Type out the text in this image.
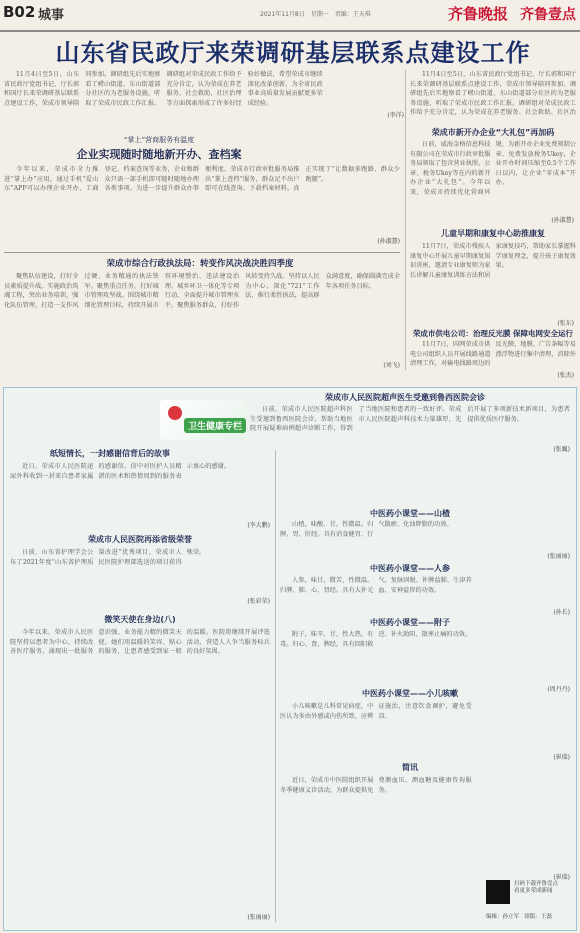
B02 城事	2021年11月8日　星期一　责编：王天琪	齐鲁晚报 齐鲁壹点
山东省民政厅来荣调研基层联系点建设工作

11月4日至5日，山东省民政厅党组书记、厅长郭和国厅长来荣调研基层联系点建设工作，荣成市领导陪同参加。调研组先后实地察看了崂山街道、东山街道部分社区的为老服务设施，听取了荣成市民政工作汇报。调研组对荣成民政工作给予充分肯定，认为荣成在养老服务、社会救助、社区治理等方面探索形成了许多好经验好做法，希望荣成市继续深化改革创新，为全省民政事业高质量发展贡献更多荣成经验。

(李洋)
“掌上”营商服务有温度
企业实现随时随地新开办、查档案

今年以来，荣成市全力推进“掌上办”应用，通过手机“爱山东”APP可以办理企业开办、工商登记、档案查询等业务，企业和群众只需一部手机即可随时随地办理各类事项。为进一步提升群众办事便利度，荣成市行政审批服务局推出“掌上查档”服务，群众足不出户即可在线查询、下载档案材料，真正实现了“让数据多跑路、群众少跑腿”。

(孙淑慧)
荣成市综合行政执法局：转变作风决战决胜四季度

聚焦队伍建设，打好全员素质提升战。实施政治筑魂工程，突出业务培训，强化队伍管理，打造一支作风过硬、业务精通的执法铁军。聚焦重点任务，打好城市管理攻坚战。围绕城市精细化管理目标，持续开展市容环境整治、违法建设治理、城乡环卫一体化等专项行动，全面提升城市管理水平。聚焦服务群众，打好作风转变持久战。坚持以人民为中心，深化“721”工作法，推行柔性执法，提高群众满意度，确保圆满完成全年各项任务目标。

(刘飞)

11月4日至5日，山东省民政厅党组书记、厅长郭和国厅长来荣调研基层联系点建设工作，荣成市领导陪同参加。调研组先后实地察看了崂山街道、东山街道部分社区的为老服务设施，听取了荣成市民政工作汇报。调研组对荣成民政工作给予充分肯定，认为荣成在养老服务、社会救助、社区治

荣成市新开办企业“大礼包”再加码

日前，威海金格信息科技有限公司在荣成市行政审批服务局领取了包含营业执照、公章、税务Ukey等在内的新开办企业“大礼包”。今年以来，荣成市持续优化营商环境，为新开办企业免费刻制公章、免费发放税务Ukey，企业开办时间压缩至0.5个工作日以内，让企业“零成本”开办。

(孙淑慧)
儿童早期和康复中心助推康复

11月7日，荣成市残疾人康复中心开展儿童早期康复知识讲座，邀请专业康复师为家长讲解儿童康复训练方法和居家康复技巧，帮助家长掌握科学康复理念，提升孩子康复效果。

(张东)
荣成市供电公司：治理反光膜 保障电网安全运行

11月7日，国网荣成市供电公司组织人员开展线路通道清理工作，对输电线路周边的反光膜、地膜、广告条幅等易漂浮物进行集中清理，消除外

(张杰)
荣成市人民医院超声医生受邀到鲁西医院会诊
卫生健康专栏

日前，荣成市人民医院超声科医生受邀到鲁西医院会诊，帮助当地医院开展疑难病例超声诊断工作，得到了当地医院和患者的一致好评。荣成市人民医院超声科技术力量雄厚，先后开展了多项新技术新项目，为患者提供优质医疗服务。

(张巍)
纸短情长，一封感谢信背后的故事

近日，荣成市人民医院泌尿外科收到一封来自患者家属的感谢信，信中对医护人员精湛的医术和热情周到的服务表示衷心的感谢。

(李大鹏)
荣成市人民医院再添省级荣誉

日前，山东省护理学会公布了2021年度“山东省护理质量改进”优秀项目，荣成市人民医院护理部选送的项目获得殊荣。

(张彩荣)
微笑天使在身边(八)

今年以来，荣成市人民医院坚持以患者为中心，持续改善医疗服务，涌现出一批服务意识强、业务能力精的微笑天使。她们用温暖的笑容、贴心的服务，让患者感受到家一般的温暖。医院将继续开展评选活动，营造人人争当服务标兵的良好氛围。

(张丽丽)
中医药小课堂——山楂

山楂，味酸、甘，性微温。归脾、胃、肝经。具有消食健胃、行气散瘀、化浊降脂的功效。

(张丽丽)
中医药小课堂——人参

人参，味甘、微苦，性微温。归脾、肺、心、肾经。具有大补元气、复脉固脱、补脾益肺、生津养血、安神益智的功效。

(孙长)
中医药小课堂——附子

附子，味辛、甘，性大热，有毒。归心、肾、脾经。具有回阳救逆、补火助阳、散寒止痛的功效。

(周丹丹)
中医药小课堂——小儿咳嗽

小儿咳嗽是儿科常见病症，中医认为多由外感或内伤所致，应辨证施治，注意饮食调护，避免受凉。

(崔瑞)
简讯

近日，荣成市中医院组织开展冬季健康义诊活动，为群众提供免费测血压、测血糖及健康咨询服务。

(崔瑞)
扫码下载齐鲁壹点
看更多荣成新闻
编辑：孙立军　组版：王磊
